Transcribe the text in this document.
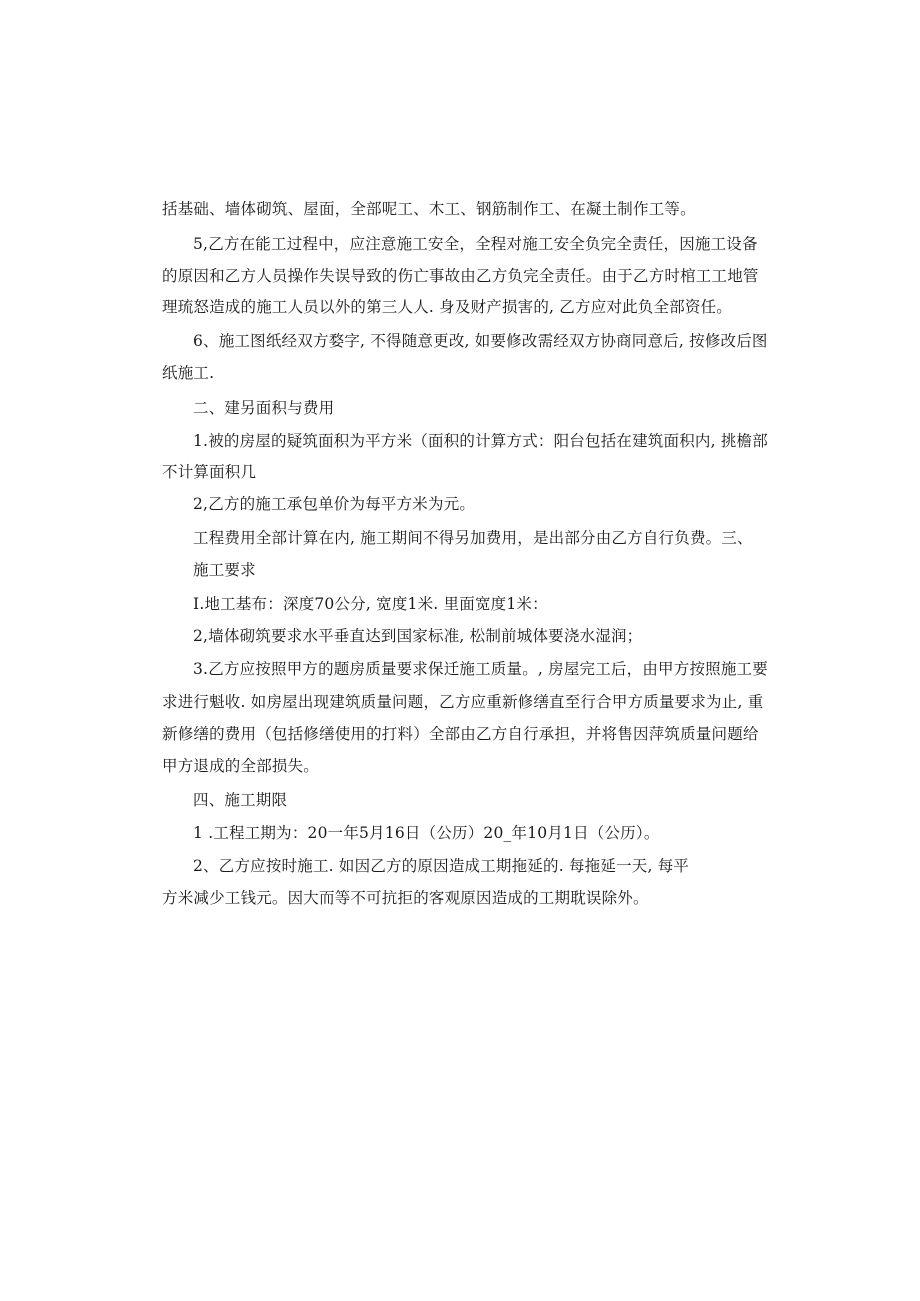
括基础、墙体砌筑、屋面，全部呢工、木工、钢筋制作工、在凝土制作工等。
5,乙方在能工过程中，应注意施工安全，全程对施工安全负完全责任，因施工设备
的原因和乙方人员操作失误导致的伤亡事故由乙方负完全责任。由于乙方时棺工工地管
理琉怒造成的施工人员以外的第三人人. 身及财产损害的, 乙方应对此负全部资任。
6、施工图纸经双方婺字, 不得随意更改, 如要修改需经双方协商同意后, 按修改后图
纸施工.
二、建另面积与费用
1.被的房屋的疑筑面积为平方米（面积的计算方式：阳台包括在建筑面积内, 挑檐部
不计算面积几
2,乙方的施工承包单价为每平方米为元。
工程费用全部计算在内, 施工期间不得另加费用，是出部分由乙方自行负费。三、
施工要求
I.地工基布：深度70公分, 宽度1米. 里面宽度1米：
2,墙体砌筑要求水平垂直达到国家标准, 松制前城体要浇水湿润；
3.乙方应按照甲方的题房质量要求保迁施工质量。, 房屋完工后，由甲方按照施工要
求进行魁收. 如房屋出现建筑质量问题，乙方应重新修缮直至行合甲方质量要求为止, 重
新修缮的费用（包括修缮使用的打料）全部由乙方自行承担，并将售因萍筑质量问题给
甲方退成的全部损失。
四、施工期限
1 .工程工期为：20一年5月16日（公历）20_年10月1日（公历）。
2、乙方应按时施工. 如因乙方的原因造成工期拖延的. 每拖延一天, 每平
方米减少工钱元。因大而等不可抗拒的客观原因造成的工期耽误除外。
